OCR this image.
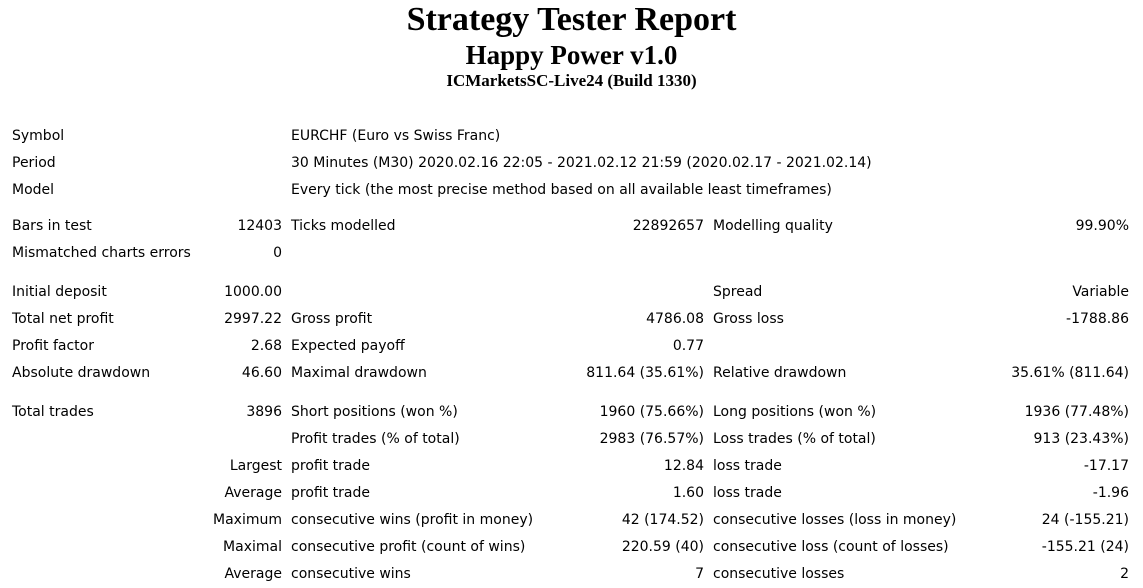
Strategy Tester Report
Happy Power v1.0
ICMarketsSC-Live24 (Build 1330)
Symbol	EURCHF (Euro vs Swiss Franc)
Period	30 Minutes (M30) 2020.02.16 22:05 - 2021.02.12 21:59 (2020.02.17 - 2021.02.14)
Model	Every tick (the most precise method based on all available least timeframes)
Bars in test	12403 Ticks modelled	22892657 Modelling quality	99.90%
Mismatched charts errors	0
Initial deposit	1000.00	Spread	Variable
Total net profit	2997.22 Gross profit	4786.08 Gross loss	-1788.86
Profit factor	2.68 Expected payoff	0.77
Absolute drawdown	46.60 Maximal drawdown	811.64 (35.61%) Relative drawdown	35.61% (811.64)
Total trades	3896 Short positions (won %)	1960 (75.66%) Long positions (won %)	1936 (77.48%)
Profit trades (% of total)	2983 (76.57%) Loss trades (% of total)	913 (23.43%)
Largest profit trade	12.84 loss trade	-17.17
Average profit trade	1.60 loss trade	-1.96
Maximum consecutive wins (profit in money)	42 (174.52) consecutive losses (loss in money)	24 (-155.21)
Maximal consecutive profit (count of wins)	220.59 (40) consecutive loss (count of losses)	-155.21 (24)
Average consecutive wins	7 consecutive losses	2
